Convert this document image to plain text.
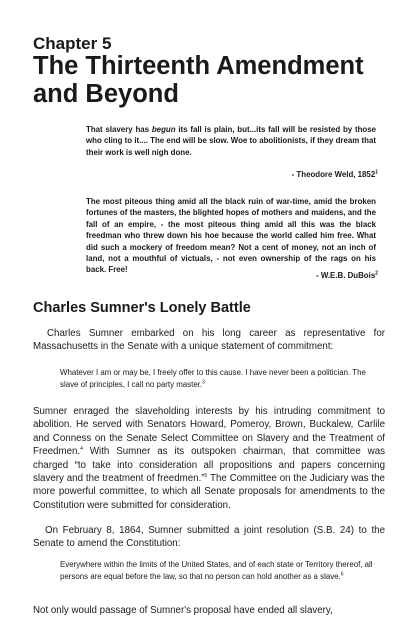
Chapter 5
The Thirteenth Amendment and Beyond

That slavery has begun its fall is plain, but...its fall will be resisted by those who cling to it.... The end will be slow. Woe to abolitionists, if they dream that their work is well nigh done.

- Theodore Weld, 1852$^1$

The most piteous thing amid all the black ruin of war-time, amid the broken fortunes of the masters, the blighted hopes of mothers and maidens, and the fall of an empire, - the most piteous thing amid all this was the black freedman who threw down his hoe because the world called him free. What did such a mockery of freedom mean? Not a cent of money, not an inch of land, not a mouthful of victuals, - not even ownership of the rags on his back. Free!

- W.E.B. DuBois$^2$

Charles Sumner's Lonely Battle

Charles Sumner embarked on his long career as representative for Massachusetts in the Senate with a unique statement of commitment:

Whatever I am or may be, I freely offer to this cause. I have never been a politician. The slave of principles, I call no party master.$^3$

Sumner enraged the slaveholding interests by his intruding commitment to abolition. He served with Senators Howard, Pomeroy, Brown, Buckalew, Carlile and Conness on the Senate Select Committee on Slavery and the Treatment of Freedmen.$^4$ With Sumner as its outspoken chairman, that committee was charged “to take into consideration all propositions and papers concerning slavery and the treatment of freedmen.”$^5$ The Committee on the Judiciary was the more powerful committee, to which all Senate proposals for amendments to the Constitution were submitted for consideration.

On February 8, 1864, Sumner submitted a joint resolution (S.B. 24) to the Senate to amend the Constitution:

Everywhere within the limits of the United States, and of each state or Territory thereof, all persons are equal before the law, so that no person can hold another as a slave.$^6$

Not only would passage of Sumner's proposal have ended all slavery,
